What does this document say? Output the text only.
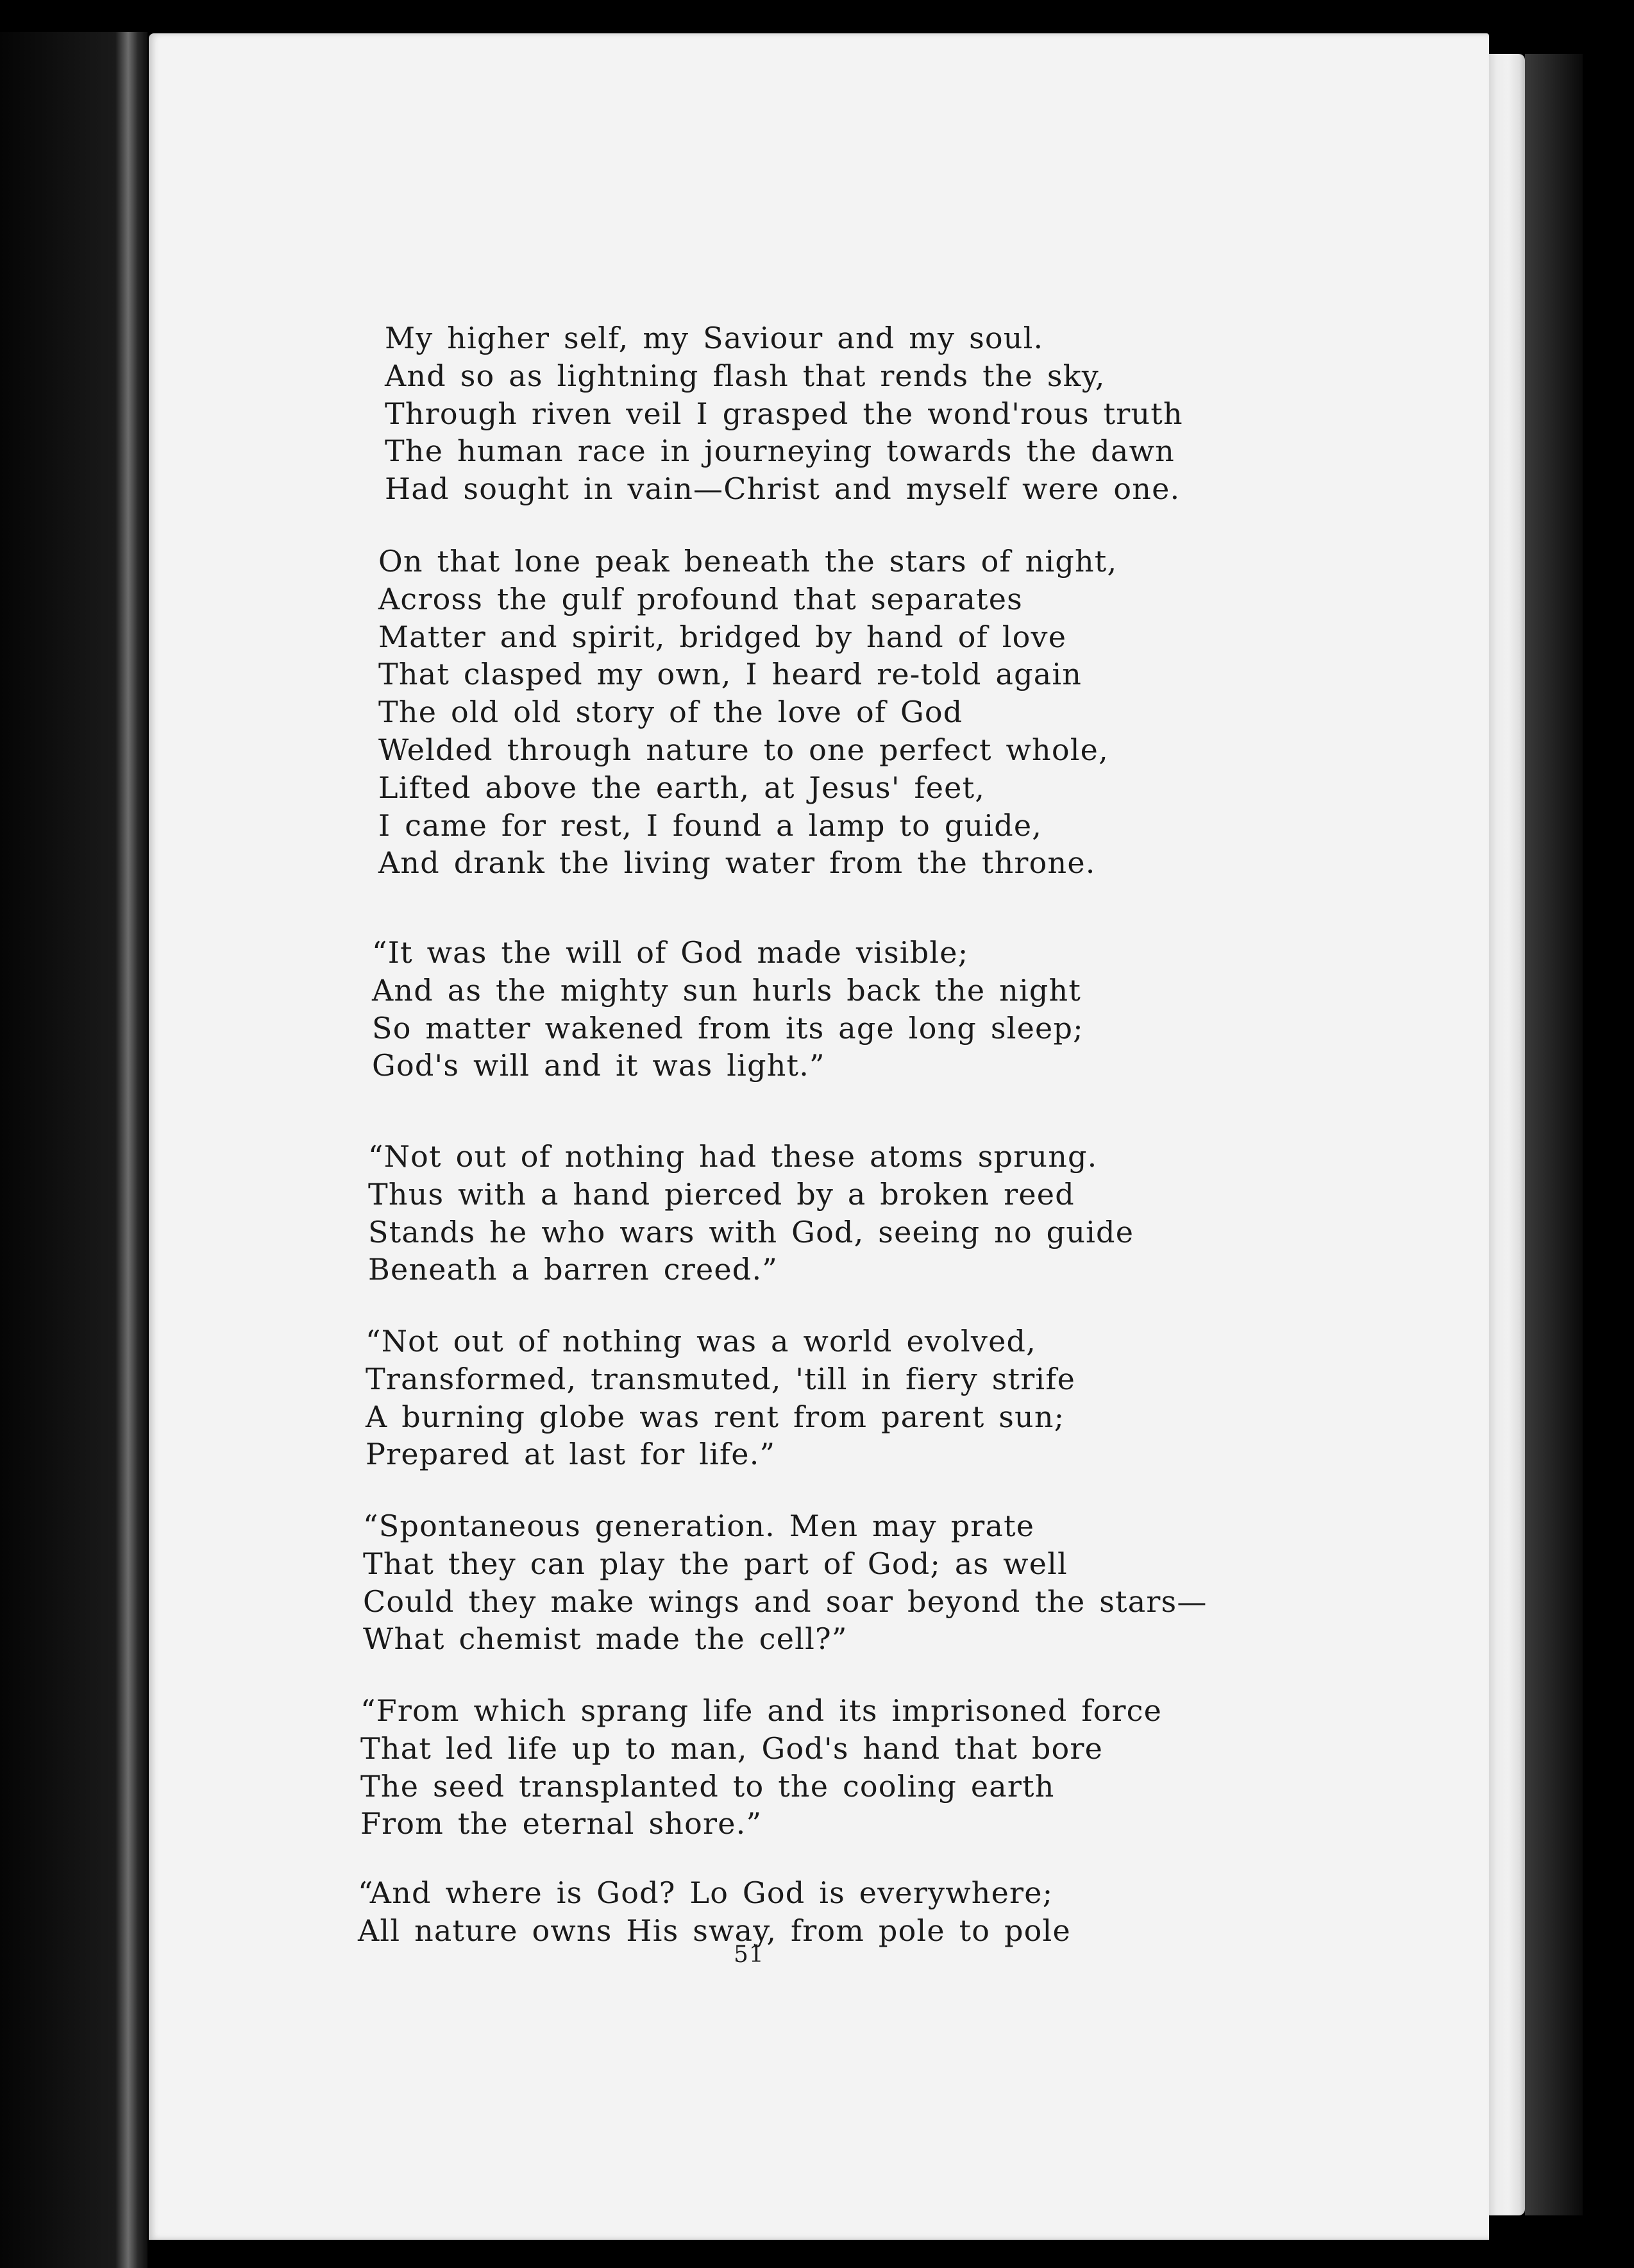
My higher self, my Saviour and my soul.
And so as lightning flash that rends the sky,
Through riven veil I grasped the wond'rous truth
The human race in journeying towards the dawn
Had sought in vain—Christ and myself were one.

On that lone peak beneath the stars of night,
Across the gulf profound that separates
Matter and spirit, bridged by hand of love
That clasped my own, I heard re-told again
The old old story of the love of God
Welded through nature to one perfect whole,
Lifted above the earth, at Jesus' feet,
I came for rest, I found a lamp to guide,
And drank the living water from the throne.

“It was the will of God made visible;
And as the mighty sun hurls back the night
So matter wakened from its age long sleep;
God's will and it was light.”

“Not out of nothing had these atoms sprung.
Thus with a hand pierced by a broken reed
Stands he who wars with God, seeing no guide
Beneath a barren creed.”

“Not out of nothing was a world evolved,
Transformed, transmuted, 'till in fiery strife
A burning globe was rent from parent sun;
Prepared at last for life.”

“Spontaneous generation. Men may prate
That they can play the part of God; as well
Could they make wings and soar beyond the stars—
What chemist made the cell?”

“From which sprang life and its imprisoned force
That led life up to man, God's hand that bore
The seed transplanted to the cooling earth
From the eternal shore.”

“And where is God? Lo God is everywhere;
All nature owns His sway, from pole to pole

51
